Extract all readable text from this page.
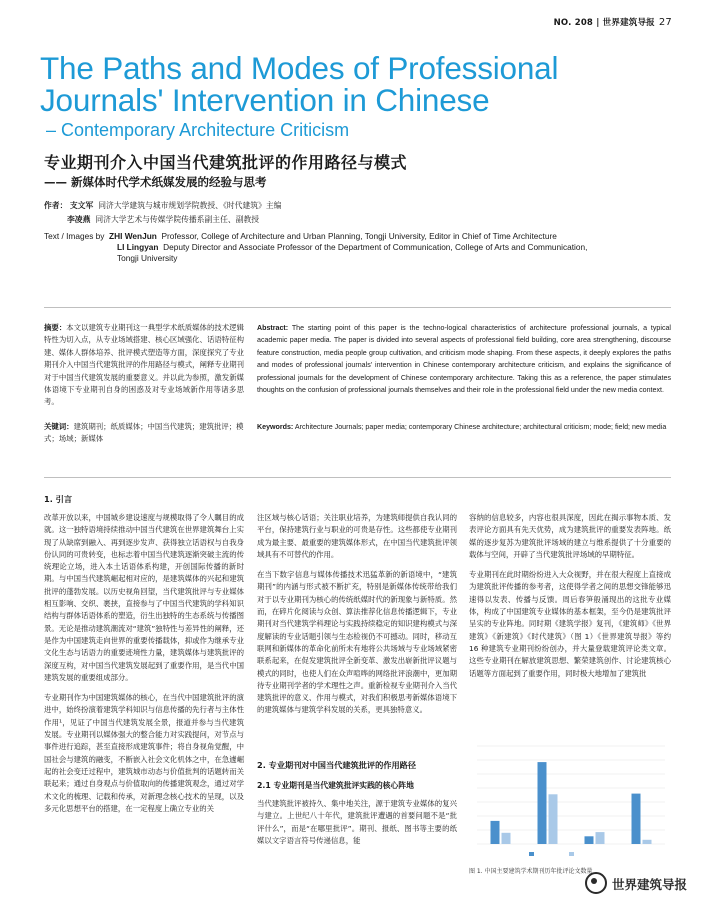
NO. 208 | 世界建筑导报 27
The Paths and Modes of Professional
Journals' Intervention in Chinese
– Contemporary Architecture Criticism
专业期刊介入中国当代建筑批评的作用路径与模式
—— 新媒体时代学术纸媒发展的经验与思考
作者： 支文军 同济大学建筑与城市规划学院教授、《时代建筑》主编
李凌燕 同济大学艺术与传媒学院传播系副主任、副教授
Text / Images by ZHI WenJun Professor, College of Architecture and Urban Planning, Tongji University, Editor in Chief of Time Architecture
LI Lingyan Deputy Director and Associate Professor of the Department of Communication, College of Arts and Communication,
Tongji University
摘要：本文以建筑专业期刊这一典型学术纸质媒体的技术逻辑特性为切入点，从专业场域搭建、核心区域强化、话语特征构建、媒体人群体培养、批评模式塑造等方面，深度探究了专业期刊介入中国当代建筑批评的作用路径与模式，阐释专业期刊对于中国当代建筑发展的重要意义。并以此为参照，激发新媒体语境下专业期刊自身的困惑及对专业场域新作用等诸多思考。
关键词：建筑期刊；纸质媒体；中国当代建筑；建筑批评；模式；场域；新媒体
Abstract: The starting point of this paper is the techno-logical characteristics of architecture professional journals, a typical academic paper media. The paper is divided into several aspects of professional field building, core area strengthening, discourse feature construction, media people group cultivation, and criticism mode shaping. From these aspects, it deeply explores the paths and modes of professional journals' intervention in Chinese contemporary architecture criticism, and explains the significance of professional journals for the development of Chinese contemporary architecture. Taking this as a reference, the paper stimulates thoughts on the confusion of professional journals themselves and their role in the professional field under the new media context.
Keywords: Architecture Journals; paper media; contemporary Chinese architecture; architectural criticism; mode; field; new media
1. 引言

改革开放以来，中国城乡建设速度与规模取得了令人瞩目的成就。这一独特语境持续推动中国当代建筑在世界建筑舞台上实现了从缺席到融入、再到逐步发声、获得独立话语权与自我身份认同的可贵转变，也标志着中国当代建筑逐渐突破主流的传统理论立场，进入本土话语体系构建，开创国际传播的新时期。与中国当代建筑崛起相对应的，是建筑媒体的兴起和建筑批评的蓬勃发展。以历史视角回望，当代建筑批评与专业媒体相互影响、交织、裹挟，直接参与了中国当代建筑的学科知识结构与群体话语体系的塑造，衍生出独特的生态系统与传播图景。无论是推动建筑潮流对“建筑”独特性与差异性的阐释，还是作为中国建筑走向世界的重要传播载体，抑或作为继承专业文化生态与话语力的重要迹境性力量，建筑媒体与建筑批评的深度互构，对中国当代建筑发展起到了重要作用，是当代中国建筑发展的重要组成部分。

专业期刊作为中国建筑媒体的核心，在当代中国建筑批评的演进中，始终扮演着建筑学科知识与信息传播的先行者与主体性作用¹，见证了中国当代建筑发展全景，报道并参与当代建筑发展。专业期刊以媒体强大的整合能力对实践提问，对节点与事件进行追踪，甚至直接形成建筑事件；将自身视角觉醒，中国社会与建筑的融变，不断嵌入社会文化机体之中，在急遽崛起的社会变迁过程中，建筑城市动态与价值批判的话题转而关联起来；通过自身观点与价值取向的传播建筑观念，通过对学术文化的梳理、记载和传承，对新理念核心技术的呈现，以及多元化思想平台的搭建，在一定程度上确立专业的关

注区域与核心话语；关注职业培养，为建筑师提供自我认同的平台，保持建筑行业与职业的可贵是存性。这些都使专业期刊成为最主要、最重要的建筑媒体形式，在中国当代建筑批评领域具有不可替代的作用。

在当下数字信息与媒体传播技术迅猛革新的新语境中，“建筑期刊”的内涵与形式被不断扩充，特别是新媒体传统带给我们对于以专业期刊为核心的传统纸媒时代的新现象与新特质。然而，在碎片化阅读与众创、算法推荐化信息传播逻辑下，专业期刊对当代建筑学科理论与实践持续稳定的知识建构模式与深度解读的专业话题引领与生态检视仍不可撼动。同时，移动互联网和新媒体的革命化前所未有地将公共场域与专业场域紧密联系起来，在促发建筑批评全新变革、激发出崭新批评议题与模式的同时，也使人们在众声喧哗的网络批评浪潮中，更加期待专业期刊学者的学术理性之声。重新检视专业期刊介入当代建筑批评的意义、作用与模式，对我们积极思考新媒体语境下的建筑媒体与建筑学科发展的关系，更具独特意义。

2. 专业期刊对中国当代建筑批评的作用路径
2.1 专业期刊是当代建筑批评实践的核心阵地

当代建筑批评被持久、集中地关注，源于建筑专业媒体的复兴与建立。上世纪八十年代，建筑批评遭遇的首要问题不是“批评什么”，而是“在哪里批评”。期刊、报纸、图书等主要的纸媒以文字语言符号传递信息，能

容纳的信息较多，内容也很具深度，因此在揭示事物本质、发表评论方面具有先天优势，成为建筑批评的重要发表阵地。纸媒的逐步复苏为建筑批评场域的建立与维系提供了十分重要的载体与空间，开辟了当代建筑批评场域的早期特征。

专业期刊在此时期纷纷进入大众视野，并在很大程度上直接成为建筑批评传播的参考者，这使得学者之间的思想交锋能够迅速得以发表、传播与反馈。周后春笋般涌现出的这批专业媒体，构成了中国建筑专业媒体的基本框架，至今仍是建筑批评呈实的专业阵地。同时期《建筑学报》复刊，《建筑师》《世界建筑》《新建筑》《时代建筑》（图 1）《世界建筑导报》等约 16 种建筑专业期刊纷纷创办，并大量登载建筑评论类文章。这些专业期刊在解放建筑思想、繁荣建筑创作、讨论建筑核心话题等方面起到了重要作用，同时极大地增加了建筑批

图 1. 中国主要建筑学术期刊历年批评论文数量
世界建筑导报
